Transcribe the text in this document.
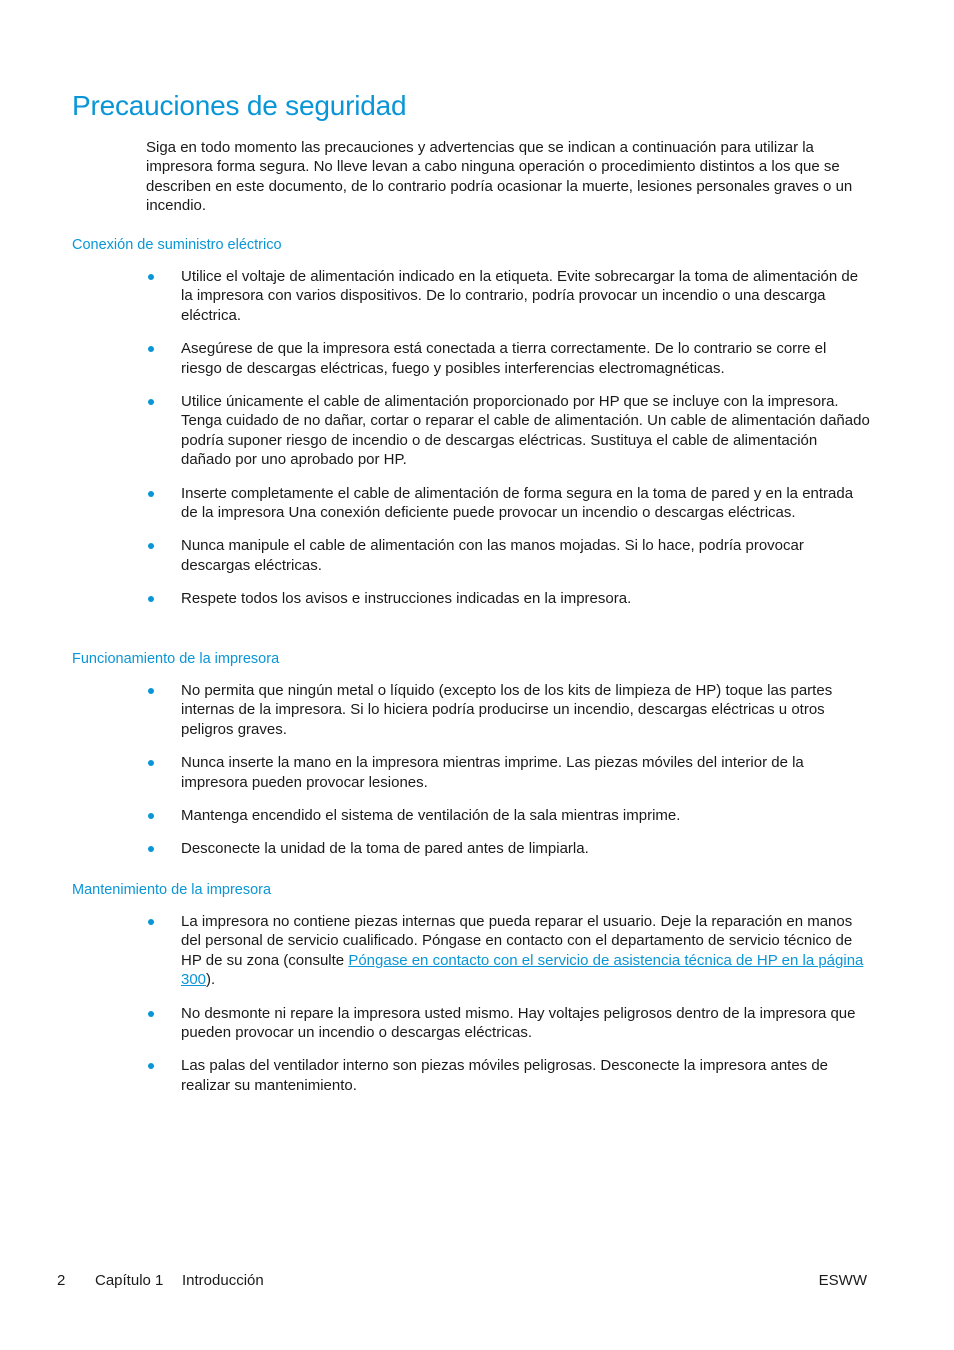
Precauciones de seguridad

Siga en todo momento las precauciones y advertencias que se indican a continuación para utilizar la impresora forma segura. No lleve levan a cabo ninguna operación o procedimiento distintos a los que se describen en este documento, de lo contrario podría ocasionar la muerte, lesiones personales graves o un incendio.

Conexión de suministro eléctrico
Utilice el voltaje de alimentación indicado en la etiqueta. Evite sobrecargar la toma de alimentación de la impresora con varios dispositivos. De lo contrario, podría provocar un incendio o una descarga eléctrica.
Asegúrese de que la impresora está conectada a tierra correctamente. De lo contrario se corre el riesgo de descargas eléctricas, fuego y posibles interferencias electromagnéticas.
Utilice únicamente el cable de alimentación proporcionado por HP que se incluye con la impresora. Tenga cuidado de no dañar, cortar o reparar el cable de alimentación. Un cable de alimentación dañado podría suponer riesgo de incendio o de descargas eléctricas. Sustituya el cable de alimentación dañado por uno aprobado por HP.
Inserte completamente el cable de alimentación de forma segura en la toma de pared y en la entrada de la impresora Una conexión deficiente puede provocar un incendio o descargas eléctricas.
Nunca manipule el cable de alimentación con las manos mojadas. Si lo hace, podría provocar descargas eléctricas.
Respete todos los avisos e instrucciones indicadas en la impresora.
Funcionamiento de la impresora
No permita que ningún metal o líquido (excepto los de los kits de limpieza de HP) toque las partes internas de la impresora. Si lo hiciera podría producirse un incendio, descargas eléctricas u otros peligros graves.
Nunca inserte la mano en la impresora mientras imprime. Las piezas móviles del interior de la impresora pueden provocar lesiones.
Mantenga encendido el sistema de ventilación de la sala mientras imprime.
Desconecte la unidad de la toma de pared antes de limpiarla.
Mantenimiento de la impresora
La impresora no contiene piezas internas que pueda reparar el usuario. Deje la reparación en manos del personal de servicio cualificado. Póngase en contacto con el departamento de servicio técnico de HP de su zona (consulte Póngase en contacto con el servicio de asistencia técnica de HP en la página 300).
No desmonte ni repare la impresora usted mismo. Hay voltajes peligrosos dentro de la impresora que pueden provocar un incendio o descargas eléctricas.
Las palas del ventilador interno son piezas móviles peligrosas. Desconecte la impresora antes de realizar su mantenimiento.
2 Capítulo 1 Introducción	ESWW
